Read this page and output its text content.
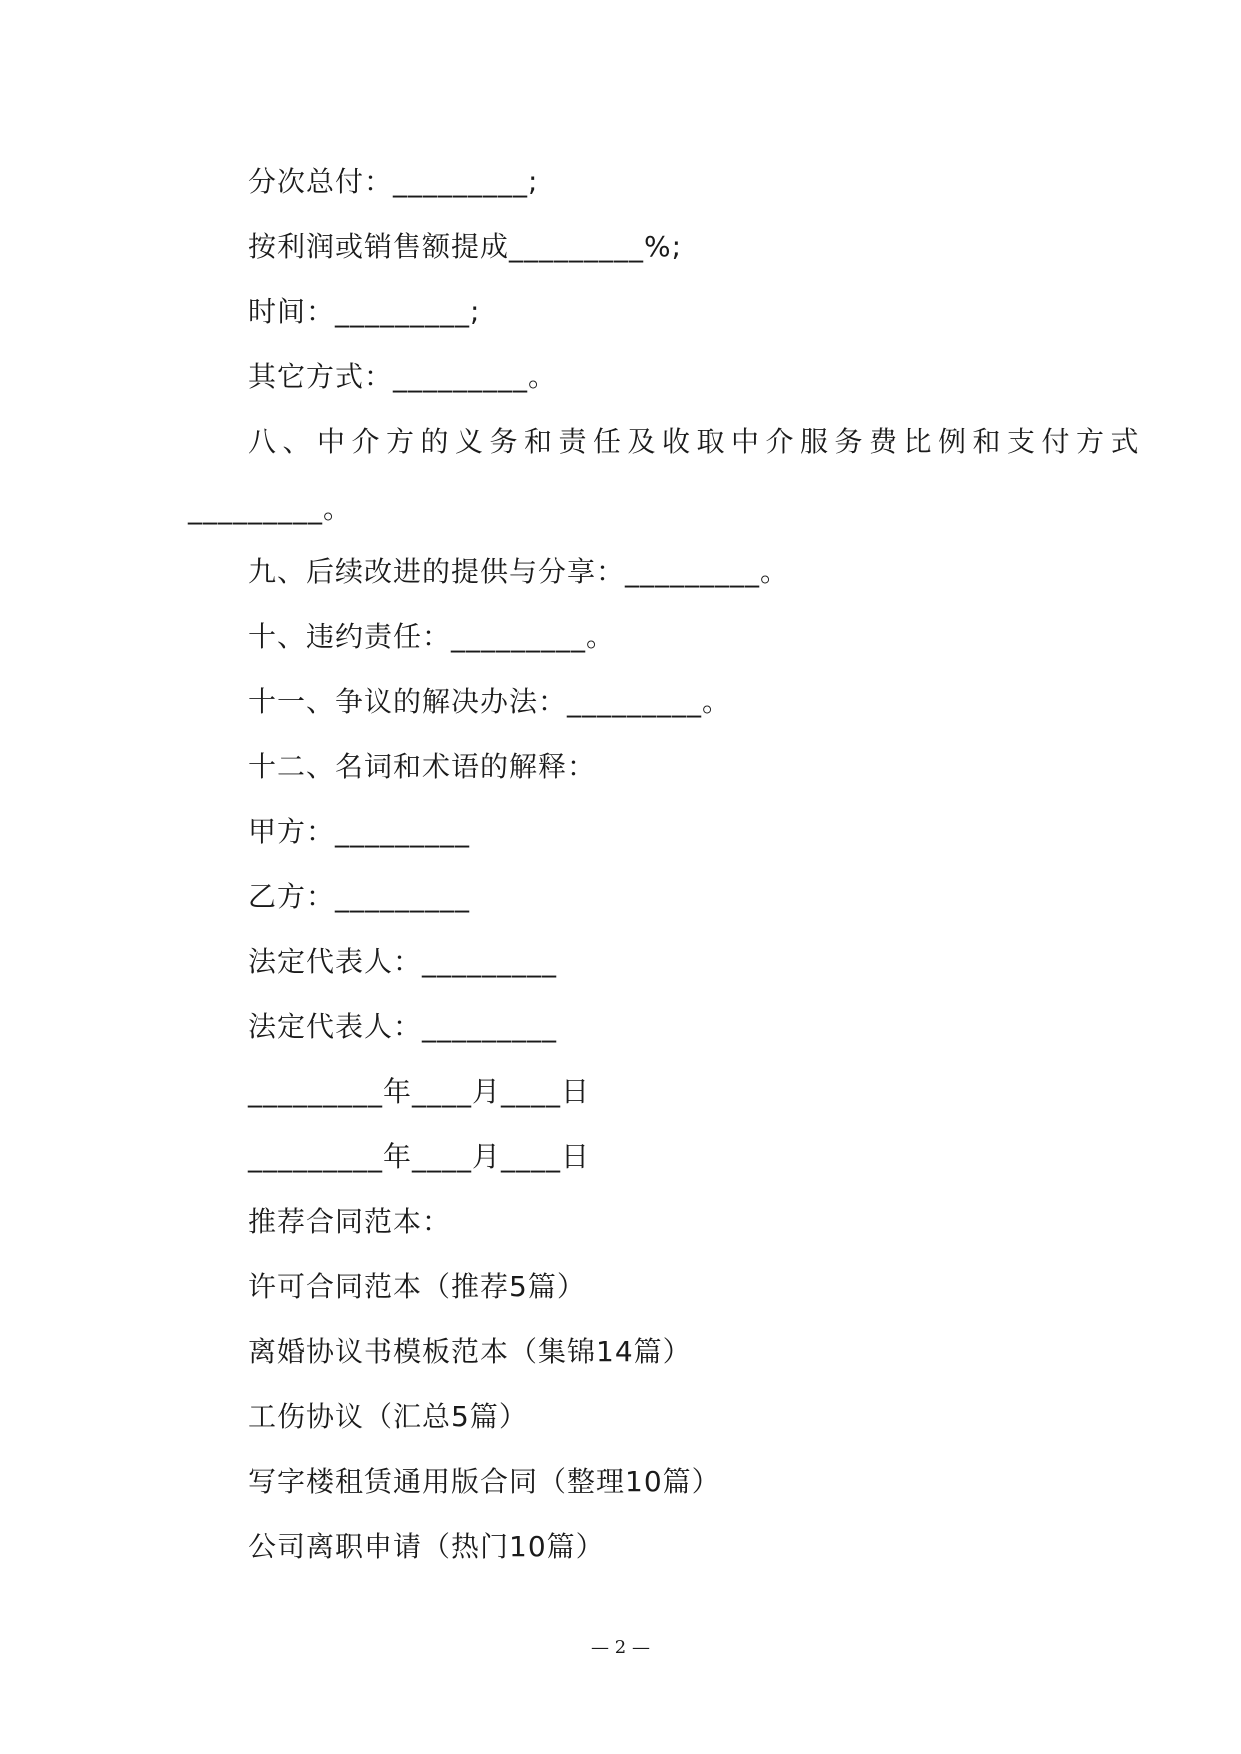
分次总付：_________;
按利润或销售额提成_________%;
时间：_________;
其它方式：_________。
八、中介方的义务和责任及收取中介服务费比例和支付方式
_________。
九、后续改进的提供与分享：_________。
十、违约责任：_________。
十一、争议的解决办法：_________。
十二、名词和术语的解释：
甲方：_________
乙方：_________
法定代表人：_________
法定代表人：_________
_________年____月____日
_________年____月____日
推荐合同范本：
许可合同范本（推荐5篇）
离婚协议书模板范本（集锦14篇）
工伤协议（汇总5篇）
写字楼租赁通用版合同（整理10篇）
公司离职申请（热门10篇）
— 2 —
